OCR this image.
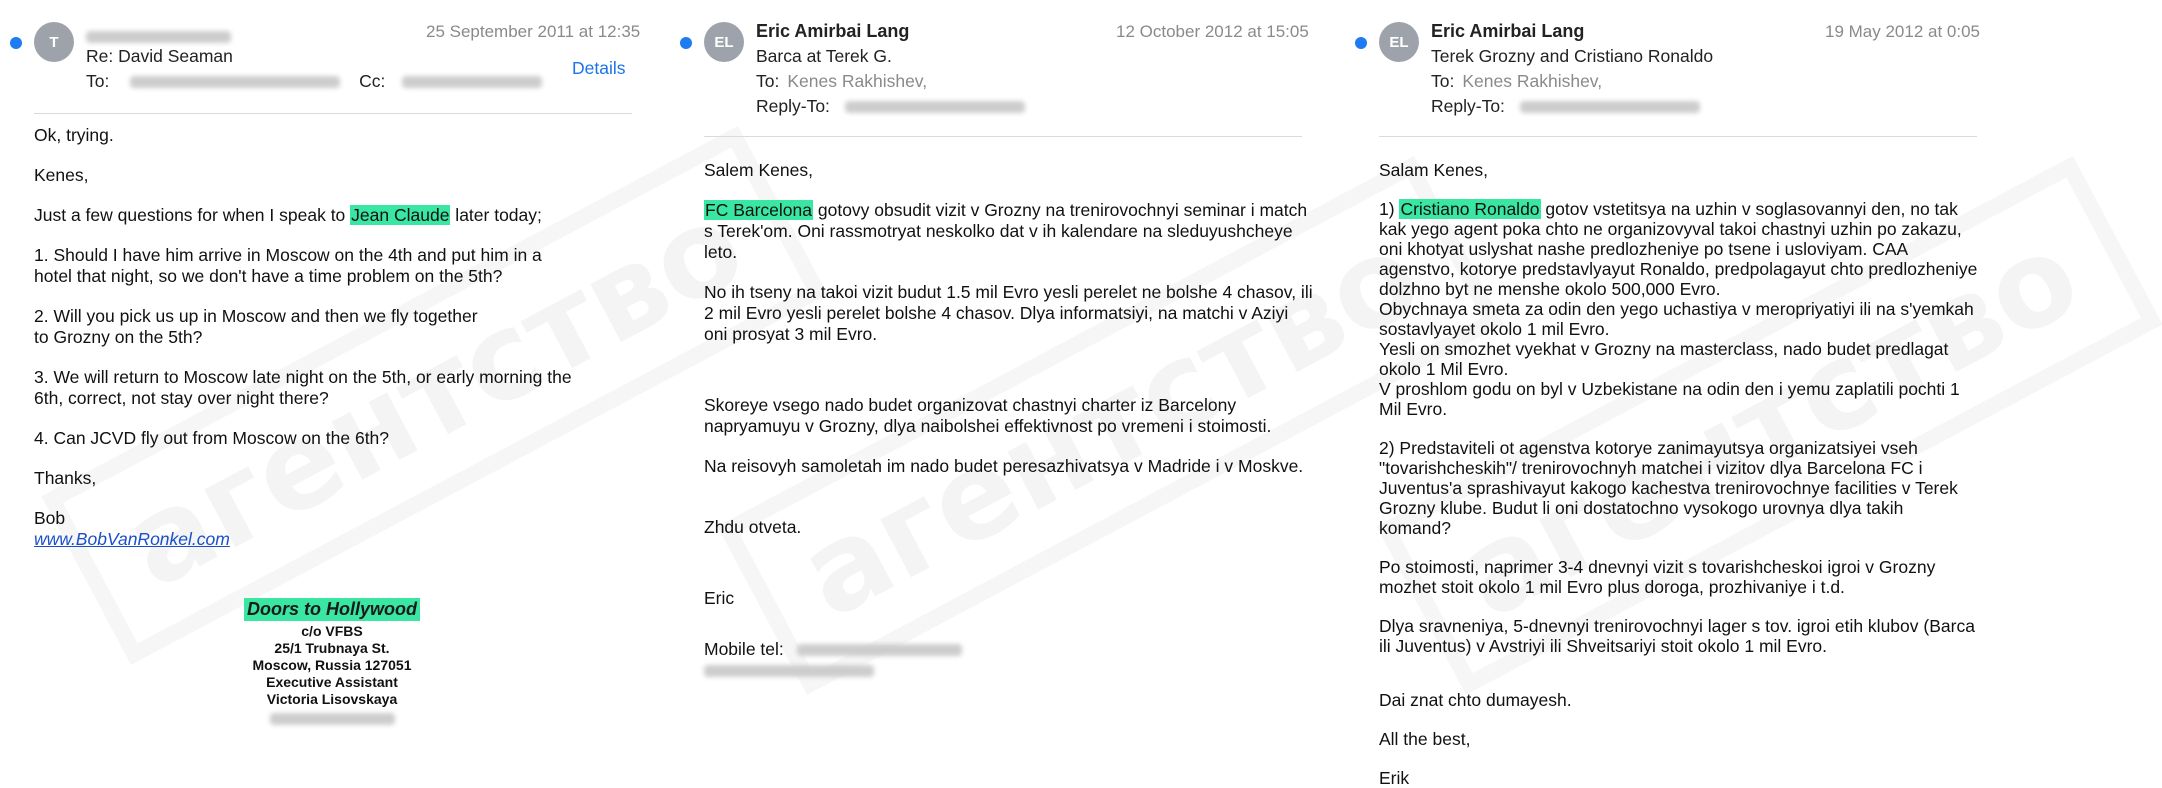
T
25 September 2011 at 12:35
Re: David Seaman
To:	Cc:
Details
Ok, trying.
Kenes,
Just a few questions for when I speak to Jean Claude later today;
1. Should I have him arrive in Moscow on the 4th and put him in a hotel that night, so we don't have a time problem on the 5th?
2. Will you pick us up in Moscow and then we fly together
to Grozny on the 5th?
3. We will return to Moscow late night on the 5th, or early morning the 6th, correct, not stay over night there?
4. Can JCVD fly out from Moscow on the 6th?
Thanks,
Bob
www.BobVanRonkel.com
Doors to Hollywood
c/o VFBS
25/1 Trubnaya St.
Moscow, Russia 127051
Executive Assistant
Victoria Lisovskaya
EL
Eric Amirbai Lang	12 October 2012 at 15:05
Barca at Terek G.
To: Kenes Rakhishev,
Reply-To:
Salem Kenes,
FC Barcelona gotovy obsudit vizit v Grozny na trenirovochnyi seminar i match s Terek'om. Oni rassmotryat neskolko dat v ih kalendare na sleduyushcheye leto.
No ih tseny na takoi vizit budut 1.5 mil Evro yesli perelet ne bolshe 4 chasov, ili 2 mil Evro yesli perelet bolshe 4 chasov. Dlya informatsiyi, na matchi v Aziyi oni prosyat 3 mil Evro.
Skoreye vsego nado budet organizovat chastnyi charter iz Barcelony napryamuyu v Grozny, dlya naibolshei effektivnost po vremeni i stoimosti.
Na reisovyh samoletah im nado budet peresazhivatsya v Madride i v Moskve.
Zhdu otveta.
Eric
Mobile tel:
EL
Eric Amirbai Lang	19 May 2012 at 0:05
Terek Grozny and Cristiano Ronaldo
To: Kenes Rakhishev,
Reply-To:
Salam Kenes,
1) Cristiano Ronaldo gotov vstetitsya na uzhin v soglasovannyi den, no tak kak yego agent poka chto ne organizovyval takoi chastnyi uzhin po zakazu, oni khotyat uslyshat nashe predlozheniye po tsene i usloviyam. CAA agenstvo, kotorye predstavlyayut Ronaldo, predpolagayut chto predlozheniye dolzhno byt ne menshe okolo 500,000 Evro.
Obychnaya smeta za odin den yego uchastiya v meropriyatiyi ili na s'yemkah sostavlyayet okolo 1 mil Evro.
Yesli on smozhet vyekhat v Grozny na masterclass, nado budet predlagat okolo 1 Mil Evro.
V proshlom godu on byl v Uzbekistane na odin den i yemu zaplatili pochti 1 Mil Evro.
2) Predstaviteli ot agenstva kotorye zanimayutsya organizatsiyei vseh "tovarishcheskih"/ trenirovochnyh matchei i vizitov dlya Barcelona FC i Juventus'a sprashivayut kakogo kachestva trenirovochnye facilities v Terek Grozny klube. Budut li oni dostatochno vysokogo urovnya dlya takih komand?
Po stoimosti, naprimer 3-4 dnevnyi vizit s tovarishcheskoi igroi v Grozny mozhet stoit okolo 1 mil Evro plus doroga, prozhivaniye i t.d.
Dlya sravneniya, 5-dnevnyi trenirovochnyi lager s tov. igroi etih klubov (Barca ili Juventus) v Avstriyi ili Shveitsariyi stoit okolo 1 mil Evro.
Dai znat chto dumayesh.
All the best,
Erik
